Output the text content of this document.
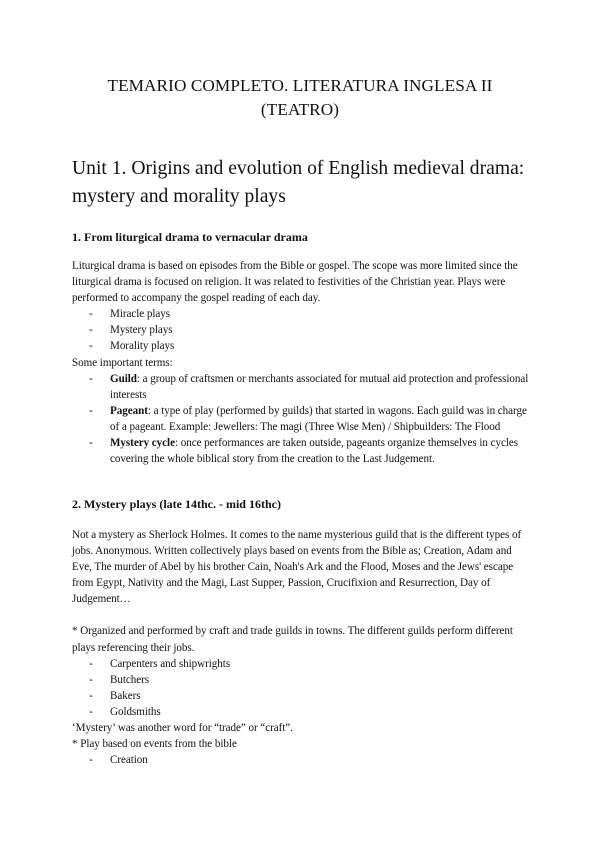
TEMARIO COMPLETO. LITERATURA INGLESA II
(TEATRO)
Unit 1. Origins and evolution of English medieval drama: mystery and morality plays
1. From liturgical drama to vernacular drama
Liturgical drama is based on episodes from the Bible or gospel. The scope was more limited since the liturgical drama is focused on religion. It was related to festivities of the Christian year. Plays were performed to accompany the gospel reading of each day.
- Miracle plays
- Mystery plays
- Morality plays
Some important terms:
- Guild: a group of craftsmen or merchants associated for mutual aid protection and professional interests
- Pageant: a type of play (performed by guilds) that started in wagons. Each guild was in charge of a pageant. Example: Jewellers: The magi (Three Wise Men) / Shipbuilders: The Flood
- Mystery cycle: once performances are taken outside, pageants organize themselves in cycles covering the whole biblical story from the creation to the Last Judgement.
2. Mystery plays (late 14thc. - mid 16thc)
Not a mystery as Sherlock Holmes. It comes to the name mysterious guild that is the different types of jobs. Anonymous. Written collectively plays based on events from the Bible as; Creation, Adam and Eve, The murder of Abel by his brother Cain, Noah's Ark and the Flood, Moses and the Jews' escape from Egypt, Nativity and the Magi, Last Supper, Passion, Crucifixion and Resurrection, Day of Judgement…
* Organized and performed by craft and trade guilds in towns. The different guilds perform different plays referencing their jobs.
- Carpenters and shipwrights
- Butchers
- Bakers
- Goldsmiths
‘Mystery’ was another word for “trade” or “craft”.
* Play based on events from the bible
- Creation
